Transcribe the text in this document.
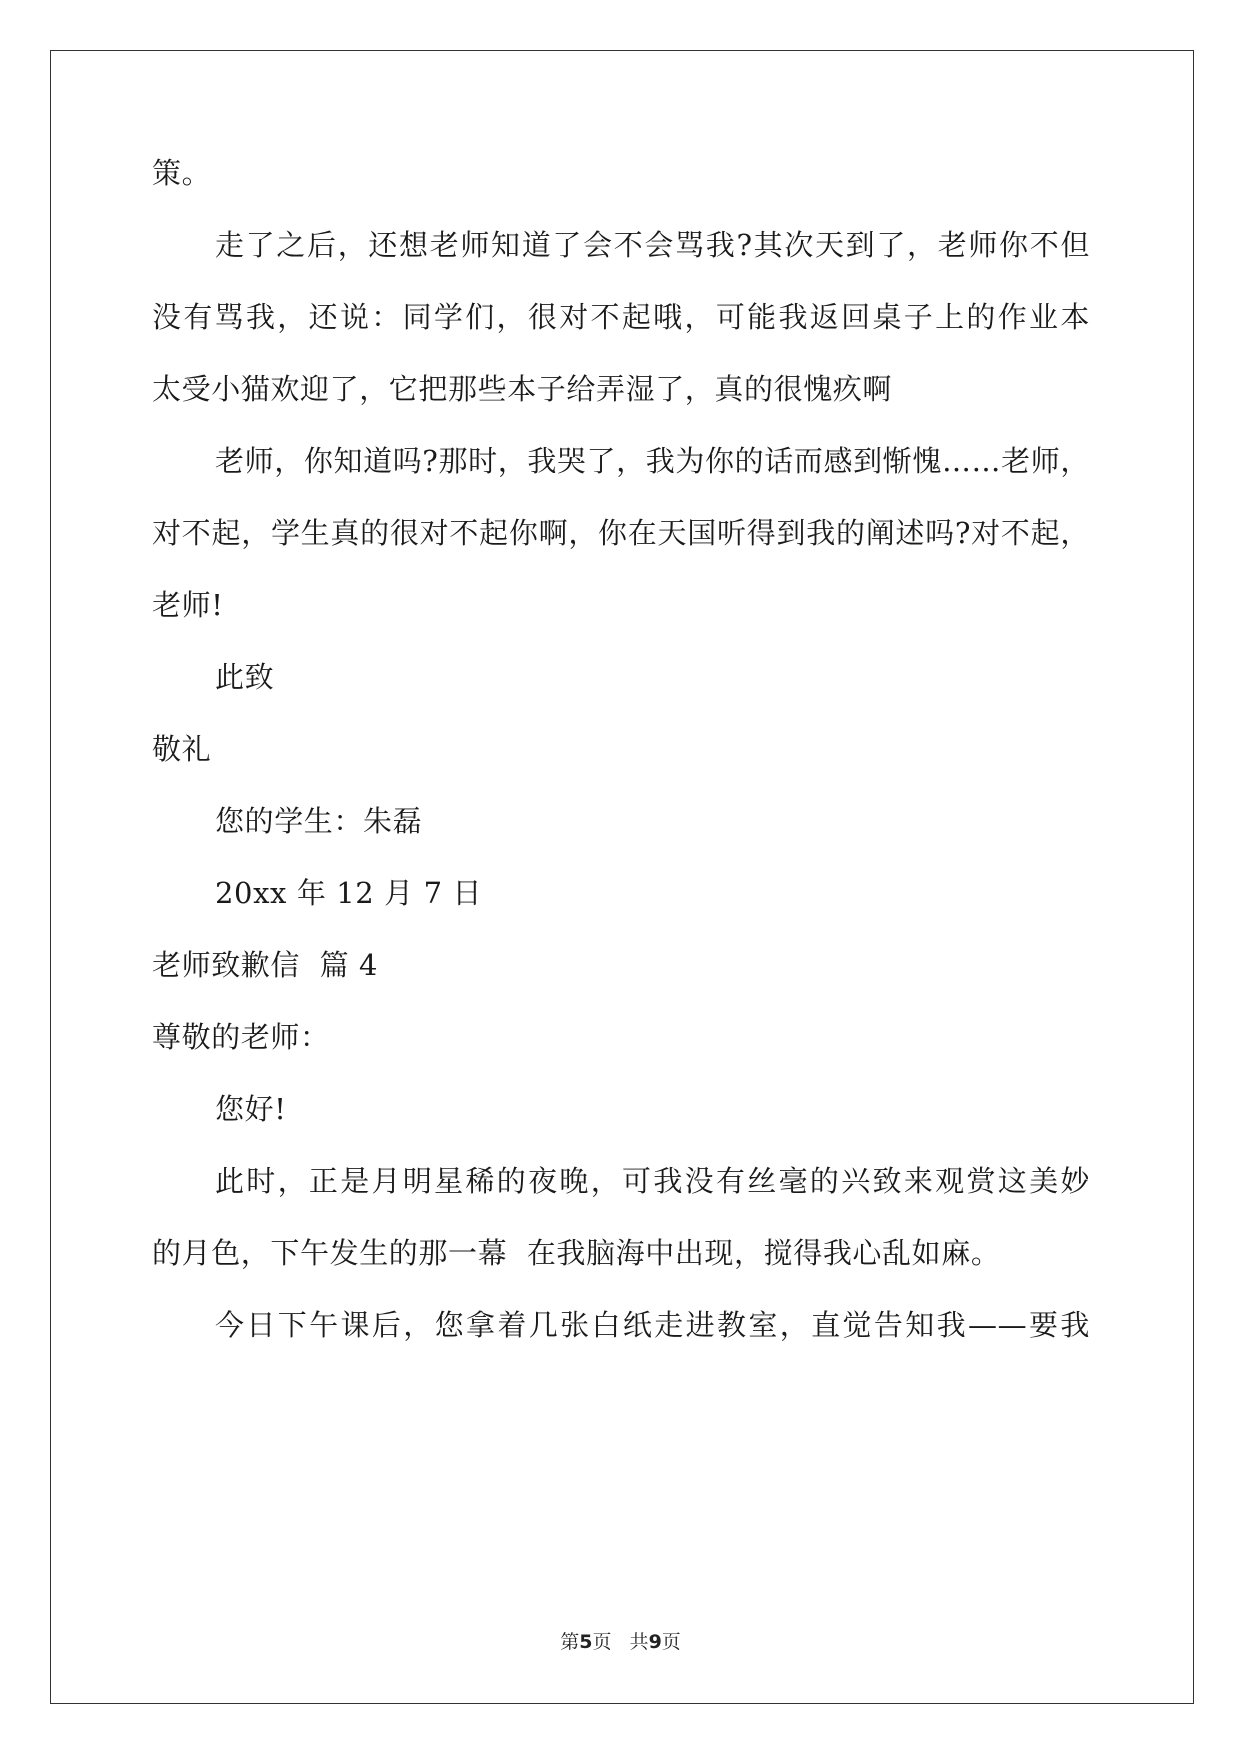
策。
走了之后，还想老师知道了会不会骂我?其次天到了，老师你不但
没有骂我，还说：同学们，很对不起哦，可能我返回桌子上的作业本
太受小猫欢迎了，它把那些本子给弄湿了，真的很愧疚啊
老师，你知道吗?那时，我哭了，我为你的话而感到惭愧……老师，
对不起，学生真的很对不起你啊，你在天国听得到我的阐述吗?对不起，
老师!
此致
敬礼
您的学生：朱磊
20xx 年 12 月 7 日
老师致歉信  篇 4
尊敬的老师：
您好!
此时，正是月明星稀的夜晚，可我没有丝毫的兴致来观赏这美妙
的月色，下午发生的那一幕  在我脑海中出现，搅得我心乱如麻。
今日下午课后，您拿着几张白纸走进教室，直觉告知我——要我
第5页   共9页
